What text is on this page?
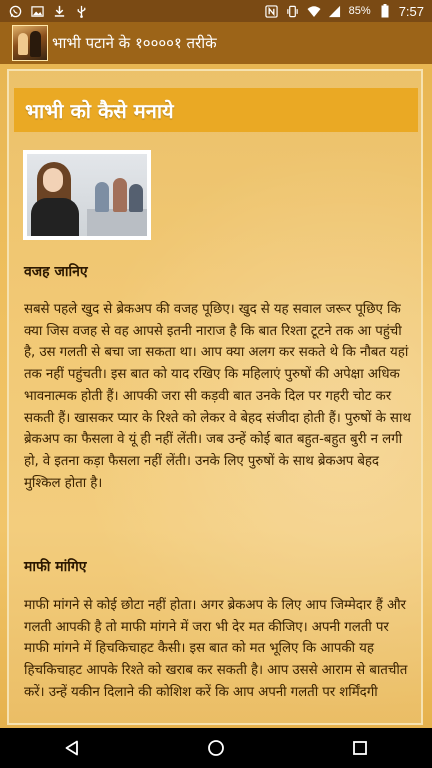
85% 7:57
भाभी पटाने के १००००१ तरीके
भाभी को कैसे मनाये
वजह जानिए

सबसे पहले खुद से ब्रेकअप की वजह पूछिए। खुद से यह सवाल जरूर पूछिए कि क्या जिस वजह से वह आपसे इतनी नाराज है कि बात रिश्ता टूटने तक आ पहुंची है, उस गलती से बचा जा सकता था। आप क्या अलग कर सकते थे कि नौबत यहां तक नहीं पहुंचती। इस बात को याद रखिए कि महिलाएं पुरुषों की अपेक्षा अधिक भावनात्मक होती हैं। आपकी जरा सी कड़वी बात उनके दिल पर गहरी चोट कर सकती हैं। खासकर प्यार के रिश्ते को लेकर वे बेहद संजीदा होती हैं। पुरुषों के साथ ब्रेकअप का फैसला वे यूं ही नहीं लेंती। जब उन्हें कोई बात बहुत-बहुत बुरी न लगी हो, वे इतना कड़ा फैसला नहीं लेंती। उनके लिए पुरुषों के साथ ब्रेकअप बेहद मुश्किल होता है।

माफी मांगिए

माफी मांगने से कोई छोटा नहीं होता। अगर ब्रेकअप के लिए आप जिम्मेदार हैं और गलती आपकी है तो माफी मांगने में जरा भी देर मत कीजिए। अपनी गलती पर माफी मांगने में हिचकिचाहट कैसी। इस बात को मत भूलिए कि आपकी यह हिचकिचाहट आपके रिश्ते को खराब कर सकती है। आप उससे आराम से बातचीत करें। उन्हें यकीन दिलाने की कोशिश करें कि आप अपनी गलती पर शर्मिंदगी
